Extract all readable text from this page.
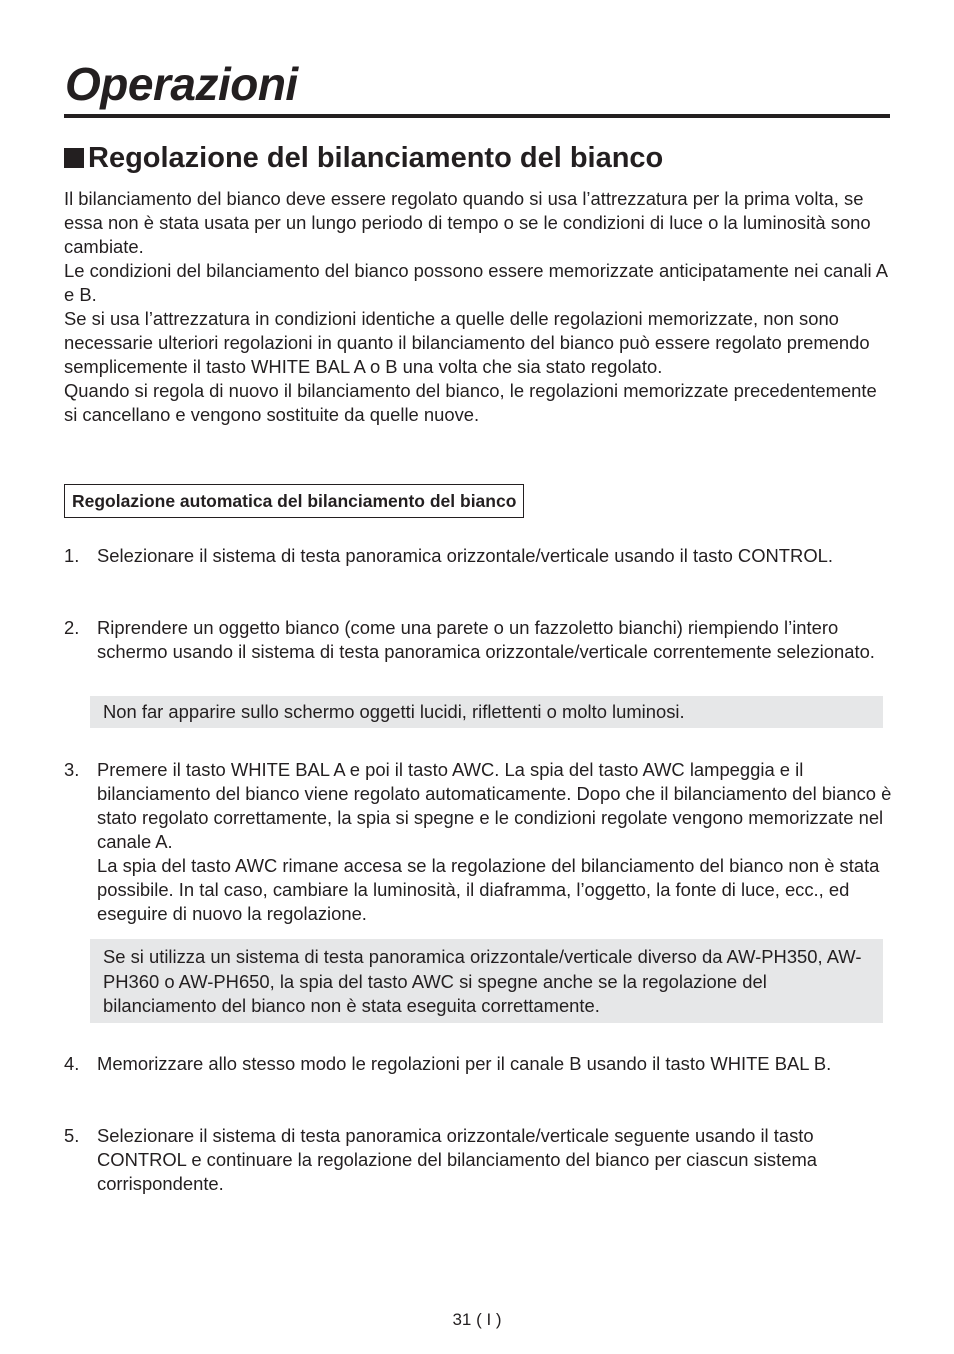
Operazioni
Regolazione del bilanciamento del bianco

Il bilanciamento del bianco deve essere regolato quando si usa l’attrezzatura per la prima volta, se essa non è stata usata per un lungo periodo di tempo o se le condizioni di luce o la luminosità sono cambiate.

Le condizioni del bilanciamento del bianco possono essere memorizzate anticipatamente nei canali A e B.

Se si usa l’attrezzatura in condizioni identiche a quelle delle regolazioni memorizzate, non sono necessarie ulteriori regolazioni in quanto il bilanciamento del bianco può essere regolato premendo semplicemente il tasto WHITE BAL A o B una volta che sia stato regolato.

Quando si regola di nuovo il bilanciamento del bianco, le regolazioni memorizzate precedentemente si cancellano e vengono sostituite da quelle nuove.

Regolazione automatica del bilanciamento del bianco
1. Selezionare il sistema di testa panoramica orizzontale/verticale usando il tasto CONTROL.

2. Riprendere un oggetto bianco (come una parete o un fazzoletto bianchi) riempiendo l’intero schermo usando il sistema di testa panoramica orizzontale/verticale correntemente selezionato.

Non far apparire sullo schermo oggetti lucidi, riflettenti o molto luminosi.
3. Premere il tasto WHITE BAL A e poi il tasto AWC. La spia del tasto AWC lampeggia e il bilanciamento del bianco viene regolato automaticamente. Dopo che il bilanciamento del bianco è stato regolato correttamente, la spia si spegne e le condizioni regolate vengono memorizzate nel canale A.

La spia del tasto AWC rimane accesa se la regolazione del bilanciamento del bianco non è stata possibile. In tal caso, cambiare la luminosità, il diaframma, l’oggetto, la fonte di luce, ecc., ed eseguire di nuovo la regolazione.

Se si utilizza un sistema di testa panoramica orizzontale/verticale diverso da AW-PH350, AW-PH360 o AW-PH650, la spia del tasto AWC si spegne anche se la regolazione del bilanciamento del bianco non è stata eseguita correttamente.
4. Memorizzare allo stesso modo le regolazioni per il canale B usando il tasto WHITE BAL B.

5. Selezionare il sistema di testa panoramica orizzontale/verticale seguente usando il tasto CONTROL e continuare la regolazione del bilanciamento del bianco per ciascun sistema corrispondente.

31 ( I )
